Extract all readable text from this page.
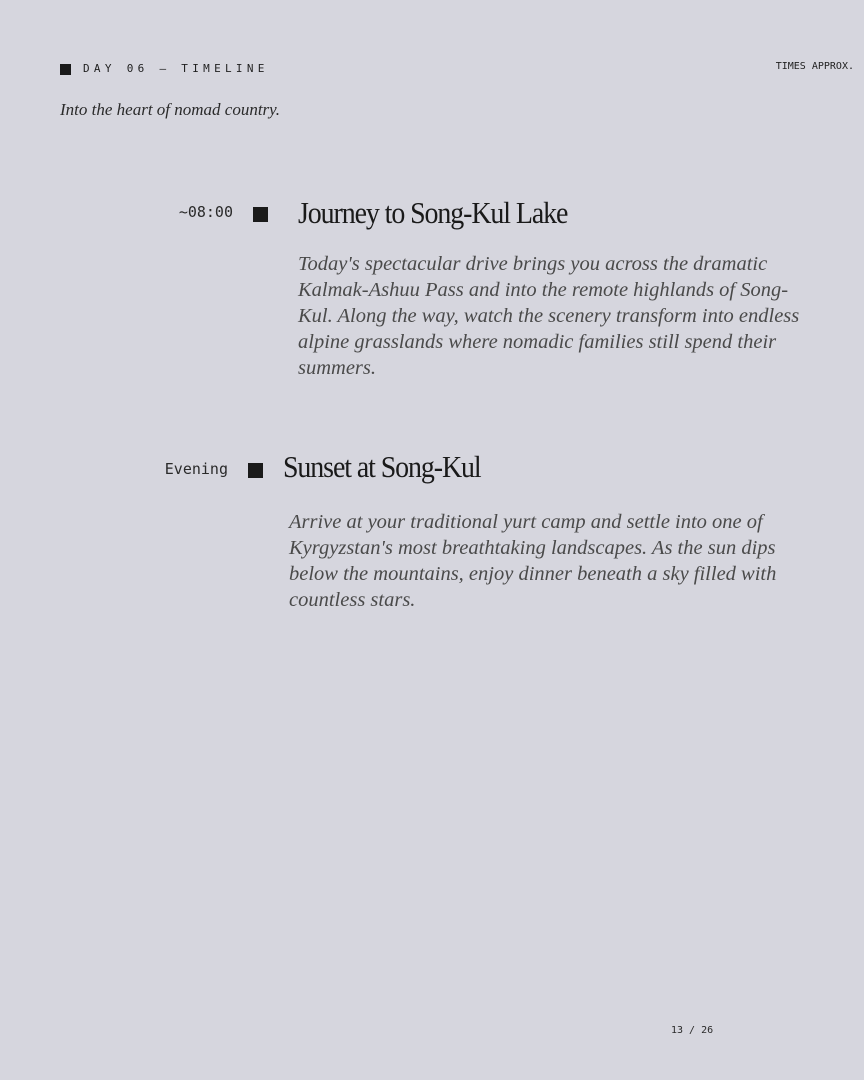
DAY 06 — TIMELINE	TIMES APPROX.
Into the heart of nomad country.
~08:00 Journey to Song-Kul Lake

Today's spectacular drive brings you across the dramatic Kalmak-Ashuu Pass and into the remote highlands of Song-Kul. Along the way, watch the scenery transform into endless alpine grasslands where nomadic families still spend their summers.

Evening Sunset at Song-Kul

Arrive at your traditional yurt camp and settle into one of Kyrgyzstan's most breathtaking landscapes. As the sun dips below the mountains, enjoy dinner beneath a sky filled with countless stars.

13 / 26
